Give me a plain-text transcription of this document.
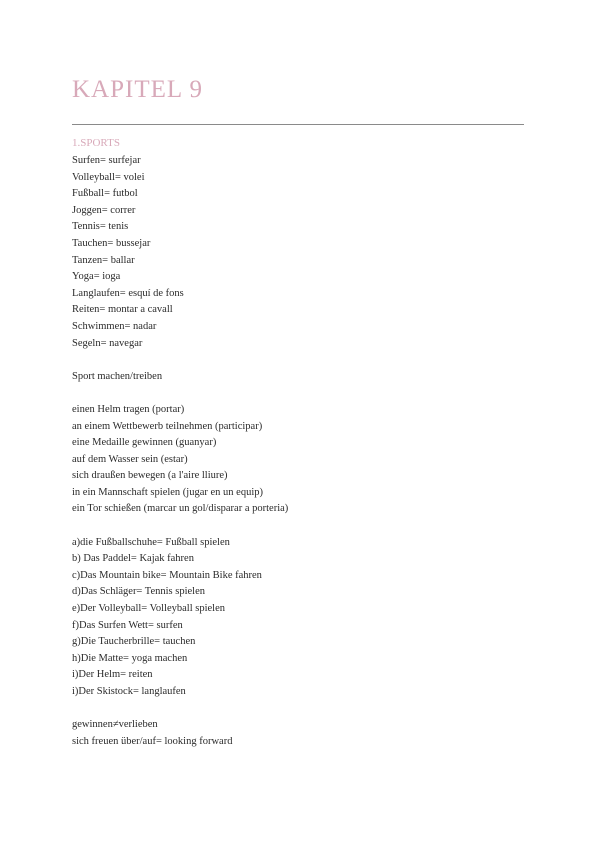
KAPITEL 9
1.SPORTS
Surfen= surfejar
Volleyball= volei
Fußball= futbol
Joggen= correr
Tennis= tenis
Tauchen= bussejar
Tanzen= ballar
Yoga= ioga
Langlaufen= esquí de fons
Reiten= montar a cavall
Schwimmen= nadar
Segeln= navegar
Sport machen/treiben
einen Helm tragen (portar)
an einem Wettbewerb teilnehmen (participar)
eine Medaille gewinnen (guanyar)
auf dem Wasser sein (estar)
sich draußen bewegen (a l'aire lliure)
in ein Mannschaft spielen (jugar en un equip)
ein Tor schießen (marcar un gol/disparar a porteria)
a)die Fußballschuhe= Fußball spielen
b) Das Paddel= Kajak fahren
c)Das Mountain bike= Mountain Bike fahren
d)Das Schläger= Tennis spielen
e)Der Volleyball= Volleyball spielen
f)Das Surfen Wett= surfen
g)Die Taucherbrille= tauchen
h)Die Matte= yoga machen
i)Der Helm= reiten
i)Der Skistock= langlaufen
gewinnen≠verlieben
sich freuen über/auf= looking forward
